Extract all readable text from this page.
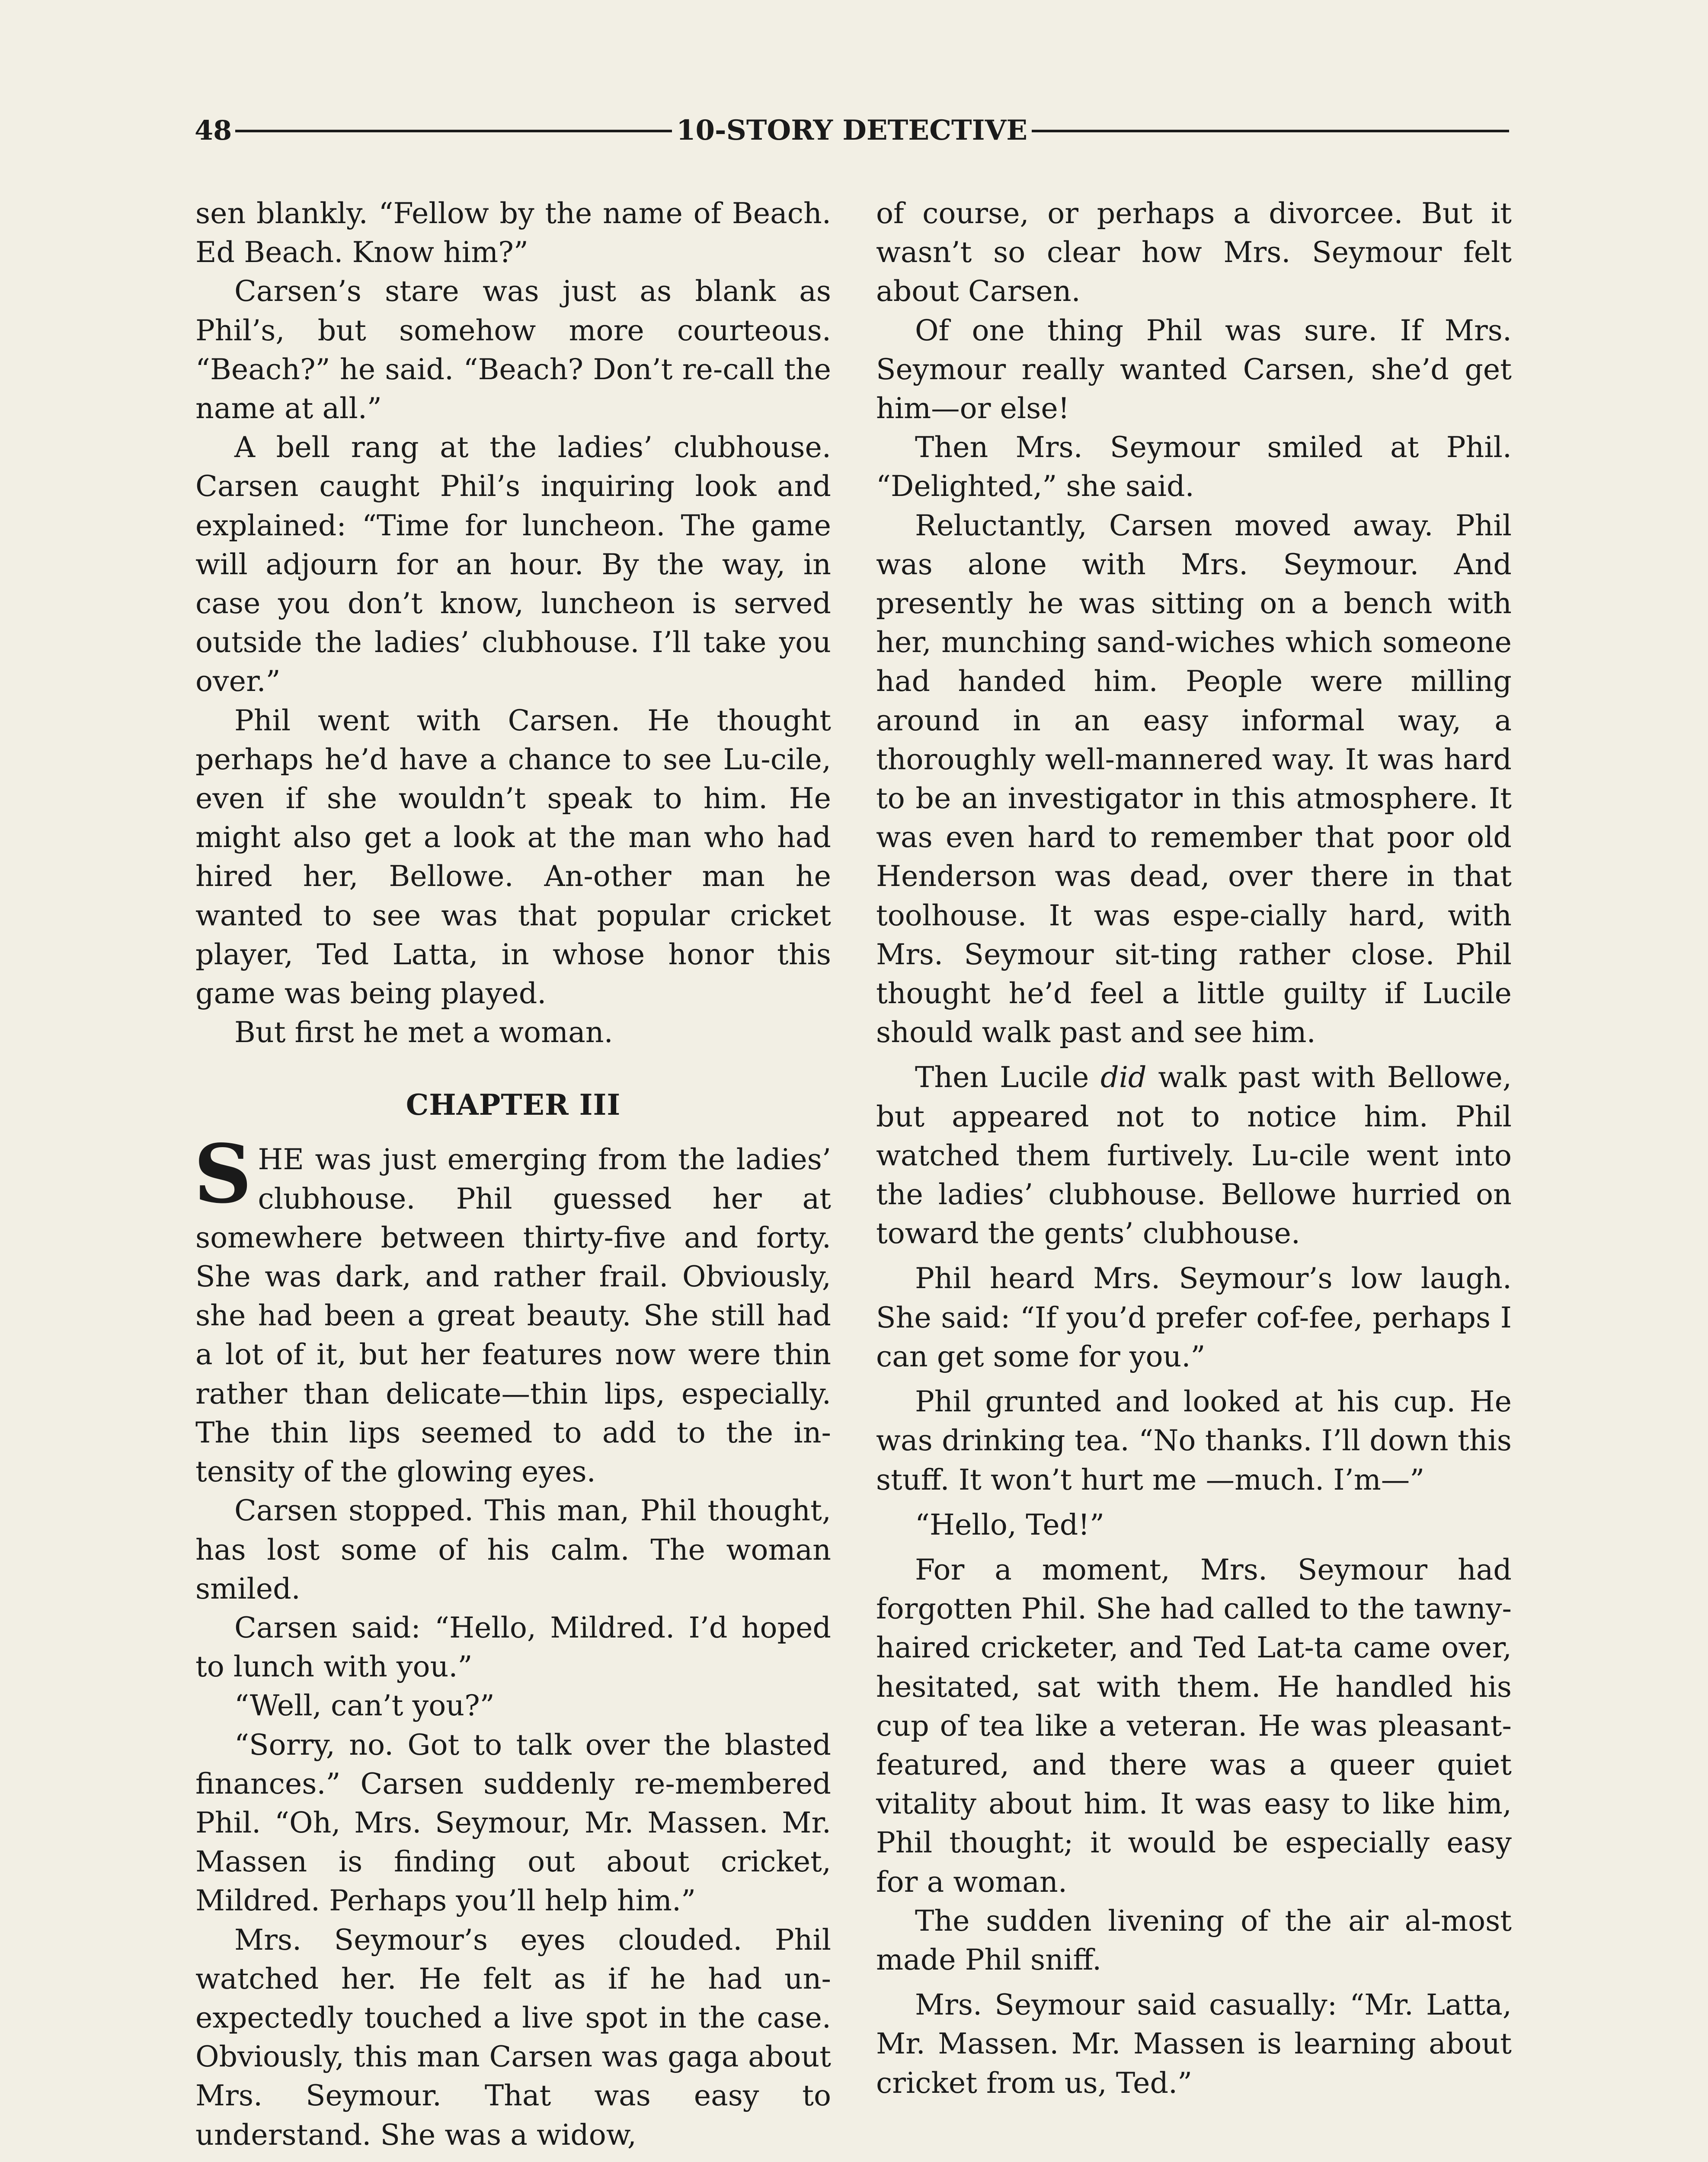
48	10-STORY DETECTIVE

sen blankly. “Fellow by the name of Beach. Ed Beach. Know him?”

Carsen’s stare was just as blank as Phil’s, but somehow more courteous. “Beach?” he said. “Beach? Don’t re-call the name at all.”

A bell rang at the ladies’ clubhouse. Carsen caught Phil’s inquiring look and explained: “Time for luncheon. The game will adjourn for an hour. By the way, in case you don’t know, luncheon is served outside the ladies’ clubhouse. I’ll take you over.”

Phil went with Carsen. He thought perhaps he’d have a chance to see Lu-cile, even if she wouldn’t speak to him. He might also get a look at the man who had hired her, Bellowe. An-other man he wanted to see was that popular cricket player, Ted Latta, in whose honor this game was being played.

But first he met a woman.

CHAPTER III

SHE was just emerging from the ladies’ clubhouse. Phil guessed her at somewhere between thirty-five and forty. She was dark, and rather frail. Obviously, she had been a great beauty. She still had a lot of it, but her features now were thin rather than delicate—thin lips, especially. The thin lips seemed to add to the in-tensity of the glowing eyes.

Carsen stopped. This man, Phil thought, has lost some of his calm. The woman smiled.

Carsen said: “Hello, Mildred. I’d hoped to lunch with you.”

“Well, can’t you?”

“Sorry, no. Got to talk over the blasted finances.” Carsen suddenly re-membered Phil. “Oh, Mrs. Seymour, Mr. Massen. Mr. Massen is finding out about cricket, Mildred. Perhaps you’ll help him.”

Mrs. Seymour’s eyes clouded. Phil watched her. He felt as if he had un-expectedly touched a live spot in the case. Obviously, this man Carsen was gaga about Mrs. Seymour. That was easy to understand. She was a widow,

of course, or perhaps a divorcee. But it wasn’t so clear how Mrs. Seymour felt about Carsen.

Of one thing Phil was sure. If Mrs. Seymour really wanted Carsen, she’d get him—or else!

Then Mrs. Seymour smiled at Phil. “Delighted,” she said.

Reluctantly, Carsen moved away. Phil was alone with Mrs. Seymour. And presently he was sitting on a bench with her, munching sand-wiches which someone had handed him. People were milling around in an easy informal way, a thoroughly well-mannered way. It was hard to be an investigator in this atmosphere. It was even hard to remember that poor old Henderson was dead, over there in that toolhouse. It was espe-cially hard, with Mrs. Seymour sit-ting rather close. Phil thought he’d feel a little guilty if Lucile should walk past and see him.

Then Lucile did walk past with Bellowe, but appeared not to notice him. Phil watched them furtively. Lu-cile went into the ladies’ clubhouse. Bellowe hurried on toward the gents’ clubhouse.

Phil heard Mrs. Seymour’s low laugh. She said: “If you’d prefer cof-fee, perhaps I can get some for you.”

Phil grunted and looked at his cup. He was drinking tea. “No thanks. I’ll down this stuff. It won’t hurt me —much. I’m—”

“Hello, Ted!”

For a moment, Mrs. Seymour had forgotten Phil. She had called to the tawny-haired cricketer, and Ted Lat-ta came over, hesitated, sat with them. He handled his cup of tea like a veteran. He was pleasant-featured, and there was a queer quiet vitality about him. It was easy to like him, Phil thought; it would be especially easy for a woman.

The sudden livening of the air al-most made Phil sniff.

Mrs. Seymour said casually: “Mr. Latta, Mr. Massen. Mr. Massen is learning about cricket from us, Ted.”
